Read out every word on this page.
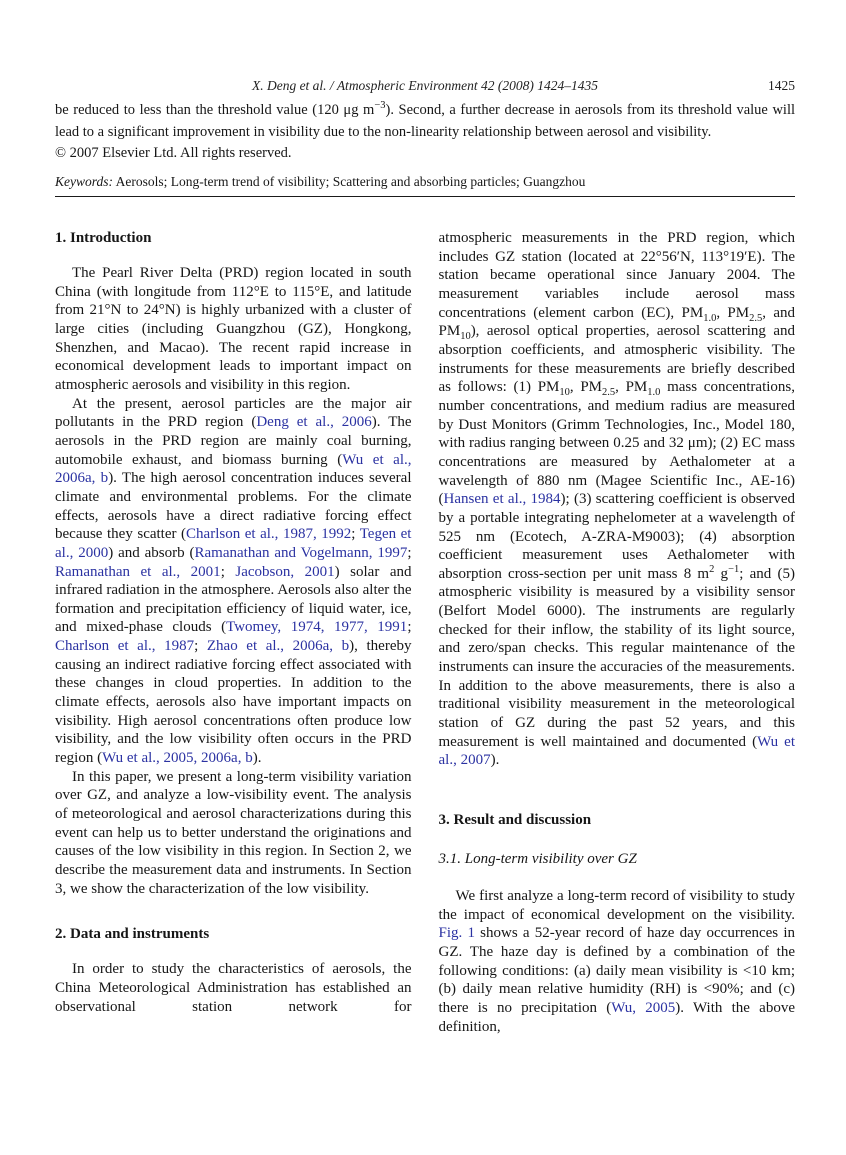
X. Deng et al. / Atmospheric Environment 42 (2008) 1424–1435	1425

be reduced to less than the threshold value (120 μg $m^{-3}$). Second, a further decrease in aerosols from its threshold value will lead to a significant improvement in visibility due to the non-linearity relationship between aerosol and visibility.

© 2007 Elsevier Ltd. All rights reserved.

Keywords: Aerosols; Long-term trend of visibility; Scattering and absorbing particles; Guangzhou

1. Introduction

The Pearl River Delta (PRD) region located in south China (with longitude from 112°E to 115°E, and latitude from 21°N to 24°N) is highly urbanized with a cluster of large cities (including Guangzhou (GZ), Hongkong, Shenzhen, and Macao). The recent rapid increase in economical development leads to important impact on atmospheric aerosols and visibility in this region.

At the present, aerosol particles are the major air pollutants in the PRD region (Deng et al., 2006). The aerosols in the PRD region are mainly coal burning, automobile exhaust, and biomass burning (Wu et al., 2006a, b). The high aerosol concentration induces several climate and environmental problems. For the climate effects, aerosols have a direct radiative forcing effect because they scatter (Charlson et al., 1987, 1992; Tegen et al., 2000) and absorb (Ramanathan and Vogelmann, 1997; Ramanathan et al., 2001; Jacobson, 2001) solar and infrared radiation in the atmosphere. Aerosols also alter the formation and precipitation efficiency of liquid water, ice, and mixed-phase clouds (Twomey, 1974, 1977, 1991; Charlson et al., 1987; Zhao et al., 2006a, b), thereby causing an indirect radiative forcing effect associated with these changes in cloud properties. In addition to the climate effects, aerosols also have important impacts on visibility. High aerosol concentrations often produce low visibility, and the low visibility often occurs in the PRD region (Wu et al., 2005, 2006a, b).

In this paper, we present a long-term visibility variation over GZ, and analyze a low-visibility event. The analysis of meteorological and aerosol characterizations during this event can help us to better understand the originations and causes of the low visibility in this region. In Section 2, we describe the measurement data and instruments. In Section 3, we show the characterization of the low visibility.

2. Data and instruments

In order to study the characteristics of aerosols, the China Meteorological Administration has established an observational station network for

atmospheric measurements in the PRD region, which includes GZ station (located at 22°56′N, 113°19′E). The station became operational since January 2004. The measurement variables include aerosol mass concentrations (element carbon (EC), $PM_{1.0}$, $PM_{2.5}$, and $PM_{10}$), aerosol optical properties, aerosol scattering and absorption coefficients, and atmospheric visibility. The instruments for these measurements are briefly described as follows: (1) $PM_{10}$, $PM_{2.5}$, $PM_{1.0}$ mass concentrations, number concentrations, and medium radius are measured by Dust Monitors (Grimm Technologies, Inc., Model 180, with radius ranging between 0.25 and 32 μm); (2) EC mass concentrations are measured by Aethalometer at a wavelength of 880 nm (Magee Scientific Inc., AE-16) (Hansen et al., 1984); (3) scattering coefficient is observed by a portable integrating nephelometer at a wavelength of 525 nm (Ecotech, A-ZRA-M9003); (4) absorption coefficient measurement uses Aethalometer with absorption cross-section per unit mass 8 $m^2$ $g^{-1}$; and (5) atmospheric visibility is measured by a visibility sensor (Belfort Model 6000). The instruments are regularly checked for their inflow, the stability of its light source, and zero/span checks. This regular maintenance of the instruments can insure the accuracies of the measurements. In addition to the above measurements, there is also a traditional visibility measurement in the meteorological station of GZ during the past 52 years, and this measurement is well maintained and documented (Wu et al., 2007).

3. Result and discussion
3.1. Long-term visibility over GZ

We first analyze a long-term record of visibility to study the impact of economical development on the visibility. Fig. 1 shows a 52-year record of haze day occurrences in GZ. The haze day is defined by a combination of the following conditions: (a) daily mean visibility is <10 km; (b) daily mean relative humidity (RH) is <90%; and (c) there is no precipitation (Wu, 2005). With the above definition,
